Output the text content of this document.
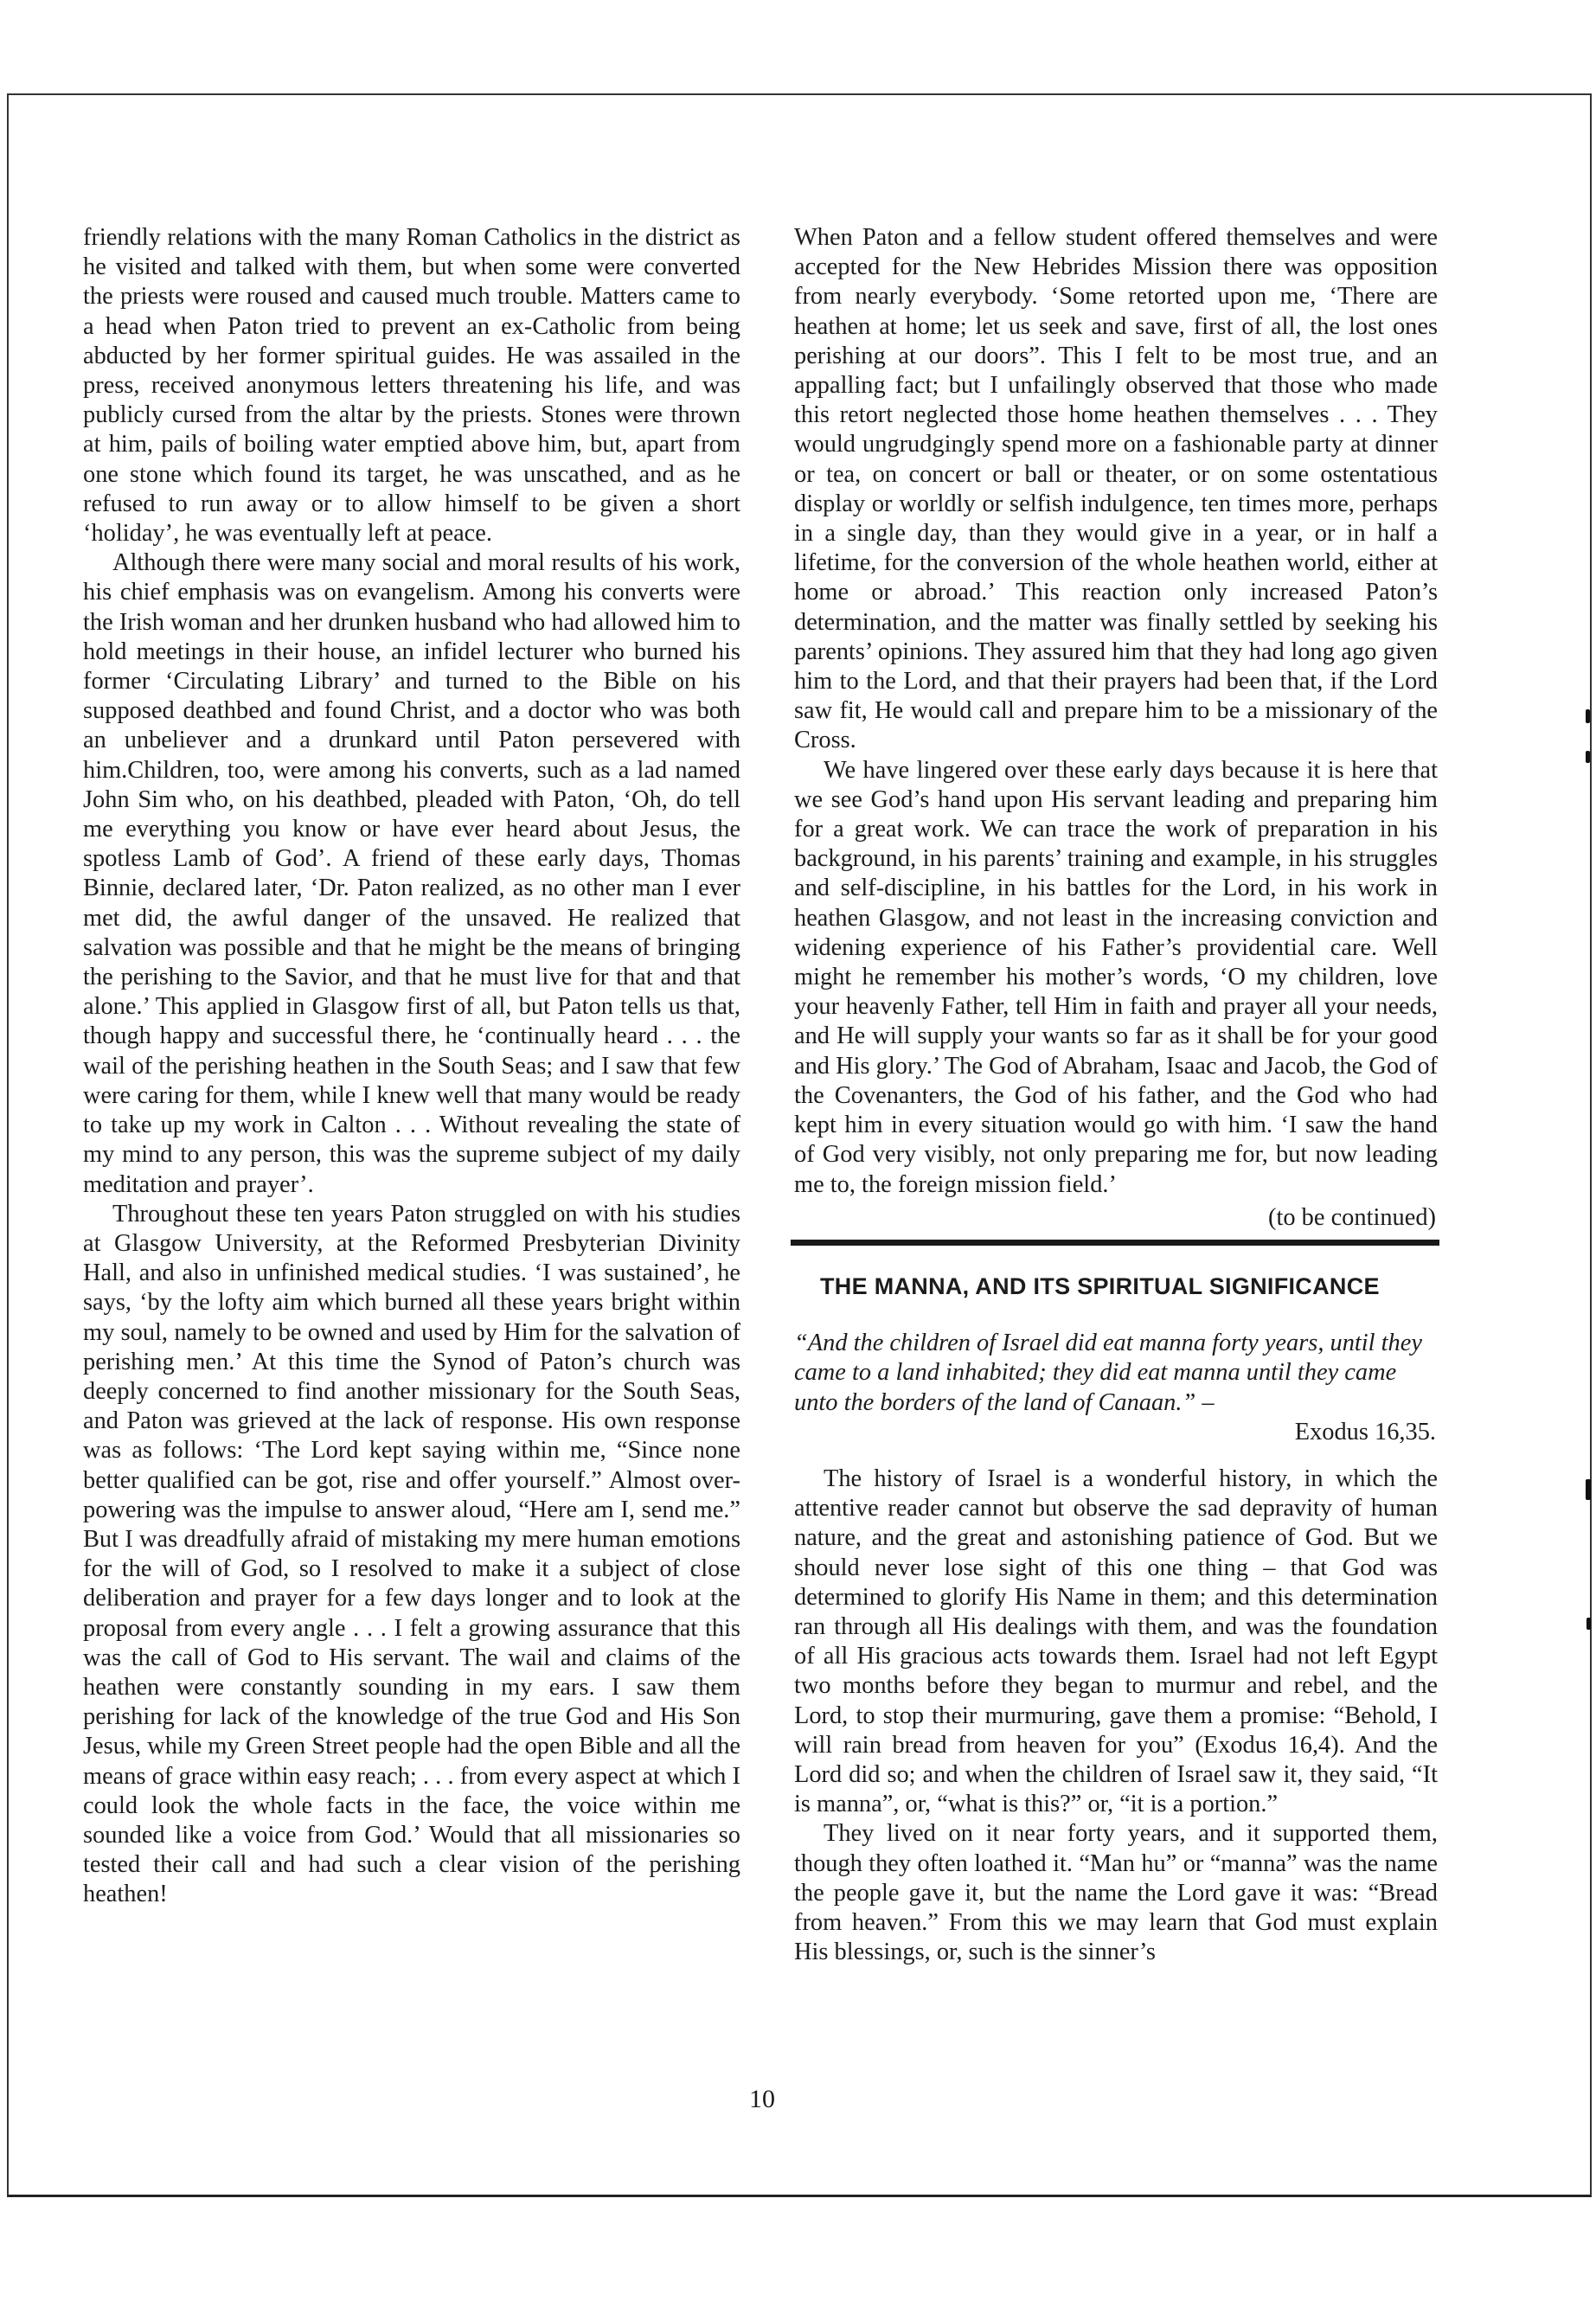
friendly relations with the many Roman Catholics in the district as he visited and talked with them, but when some were converted the priests were roused and caused much trouble. Matters came to a head when Paton tried to prevent an ex-Catholic from being abducted by her former spiritual guides. He was assailed in the press, received anonymous letters threatening his life, and was publicly cursed from the altar by the priests. Stones were thrown at him, pails of boiling water emptied above him, but, apart from one stone which found its target, he was unscathed, and as he refused to run away or to allow himself to be given a short ‘holiday’, he was eventually left at peace.

Although there were many social and moral results of his work, his chief emphasis was on evangelism. Among his converts were the Irish woman and her drunken husband who had allowed him to hold meetings in their house, an infidel lecturer who burned his former ‘Circulating Library’ and turned to the Bible on his supposed deathbed and found Christ, and a doctor who was both an unbeliever and a drunkard until Paton persevered with him.Children, too, were among his converts, such as a lad named John Sim who, on his deathbed, pleaded with Paton, ‘Oh, do tell me everything you know or have ever heard about Jesus, the spotless Lamb of God’. A friend of these early days, Thomas Binnie, declared later, ‘Dr. Paton realized, as no other man I ever met did, the awful danger of the unsaved. He realized that salvation was possible and that he might be the means of bringing the perishing to the Savior, and that he must live for that and that alone.’ This applied in Glasgow first of all, but Paton tells us that, though happy and successful there, he ‘continually heard . . . the wail of the perishing heathen in the South Seas; and I saw that few were caring for them, while I knew well that many would be ready to take up my work in Calton . . . Without revealing the state of my mind to any person, this was the supreme subject of my daily meditation and prayer’.

Throughout these ten years Paton struggled on with his studies at Glasgow University, at the Reformed Presbyterian Divinity Hall, and also in unfinished medical studies. ‘I was sustained’, he says, ‘by the lofty aim which burned all these years bright within my soul, namely to be owned and used by Him for the salvation of perishing men.’ At this time the Synod of Paton’s church was deeply concerned to find another missionary for the South Seas, and Paton was grieved at the lack of response. His own response was as follows: ‘The Lord kept saying within me, “Since none better qualified can be got, rise and offer yourself.” Almost over-powering was the impulse to answer aloud, “Here am I, send me.” But I was dreadfully afraid of mistaking my mere human emotions for the will of God, so I resolved to make it a subject of close deliberation and prayer for a few days longer and to look at the proposal from every angle . . . I felt a growing assurance that this was the call of God to His servant. The wail and claims of the heathen were constantly sounding in my ears. I saw them perishing for lack of the knowledge of the true God and His Son Jesus, while my Green Street people had the open Bible and all the means of grace within easy reach; . . . from every aspect at which I could look the whole facts in the face, the voice within me sounded like a voice from God.’ Would that all missionaries so tested their call and had such a clear vision of the perishing heathen!

When Paton and a fellow student offered themselves and were accepted for the New Hebrides Mission there was opposition from nearly everybody. ‘Some retorted upon me, ‘There are heathen at home; let us seek and save, first of all, the lost ones perishing at our doors”. This I felt to be most true, and an appalling fact; but I unfailingly observed that those who made this retort neglected those home heathen themselves . . . They would ungrudgingly spend more on a fashionable party at dinner or tea, on concert or ball or theater, or on some ostentatious display or worldly or selfish indulgence, ten times more, perhaps in a single day, than they would give in a year, or in half a lifetime, for the conversion of the whole heathen world, either at home or abroad.’ This reaction only increased Paton’s determination, and the matter was finally settled by seeking his parents’ opinions. They assured him that they had long ago given him to the Lord, and that their prayers had been that, if the Lord saw fit, He would call and prepare him to be a missionary of the Cross.

We have lingered over these early days because it is here that we see God’s hand upon His servant leading and preparing him for a great work. We can trace the work of preparation in his background, in his parents’ training and example, in his struggles and self-discipline, in his battles for the Lord, in his work in heathen Glasgow, and not least in the increasing conviction and widening experience of his Father’s providential care. Well might he remember his mother’s words, ‘O my children, love your heavenly Father, tell Him in faith and prayer all your needs, and He will supply your wants so far as it shall be for your good and His glory.’ The God of Abraham, Isaac and Jacob, the God of the Covenanters, the God of his father, and the God who had kept him in every situation would go with him. ‘I saw the hand of God very visibly, not only preparing me for, but now leading me to, the foreign mission field.’

(to be continued)
THE MANNA, AND ITS SPIRITUAL SIGNIFICANCE

“And the children of Israel did eat manna forty years, until they came to a land inhabited; they did eat manna until they came unto the borders of the land of Canaan.” –

Exodus 16,35.

The history of Israel is a wonderful history, in which the attentive reader cannot but observe the sad depravity of human nature, and the great and astonishing patience of God. But we should never lose sight of this one thing – that God was determined to glorify His Name in them; and this determination ran through all His dealings with them, and was the foundation of all His gracious acts towards them. Israel had not left Egypt two months before they began to murmur and rebel, and the Lord, to stop their murmuring, gave them a promise: “Behold, I will rain bread from heaven for you” (Exodus 16,4). And the Lord did so; and when the children of Israel saw it, they said, “It is manna”, or, “what is this?” or, “it is a portion.”

They lived on it near forty years, and it supported them, though they often loathed it. “Man hu” or “manna” was the name the people gave it, but the name the Lord gave it was: “Bread from heaven.” From this we may learn that God must explain His blessings, or, such is the sinner’s

10
